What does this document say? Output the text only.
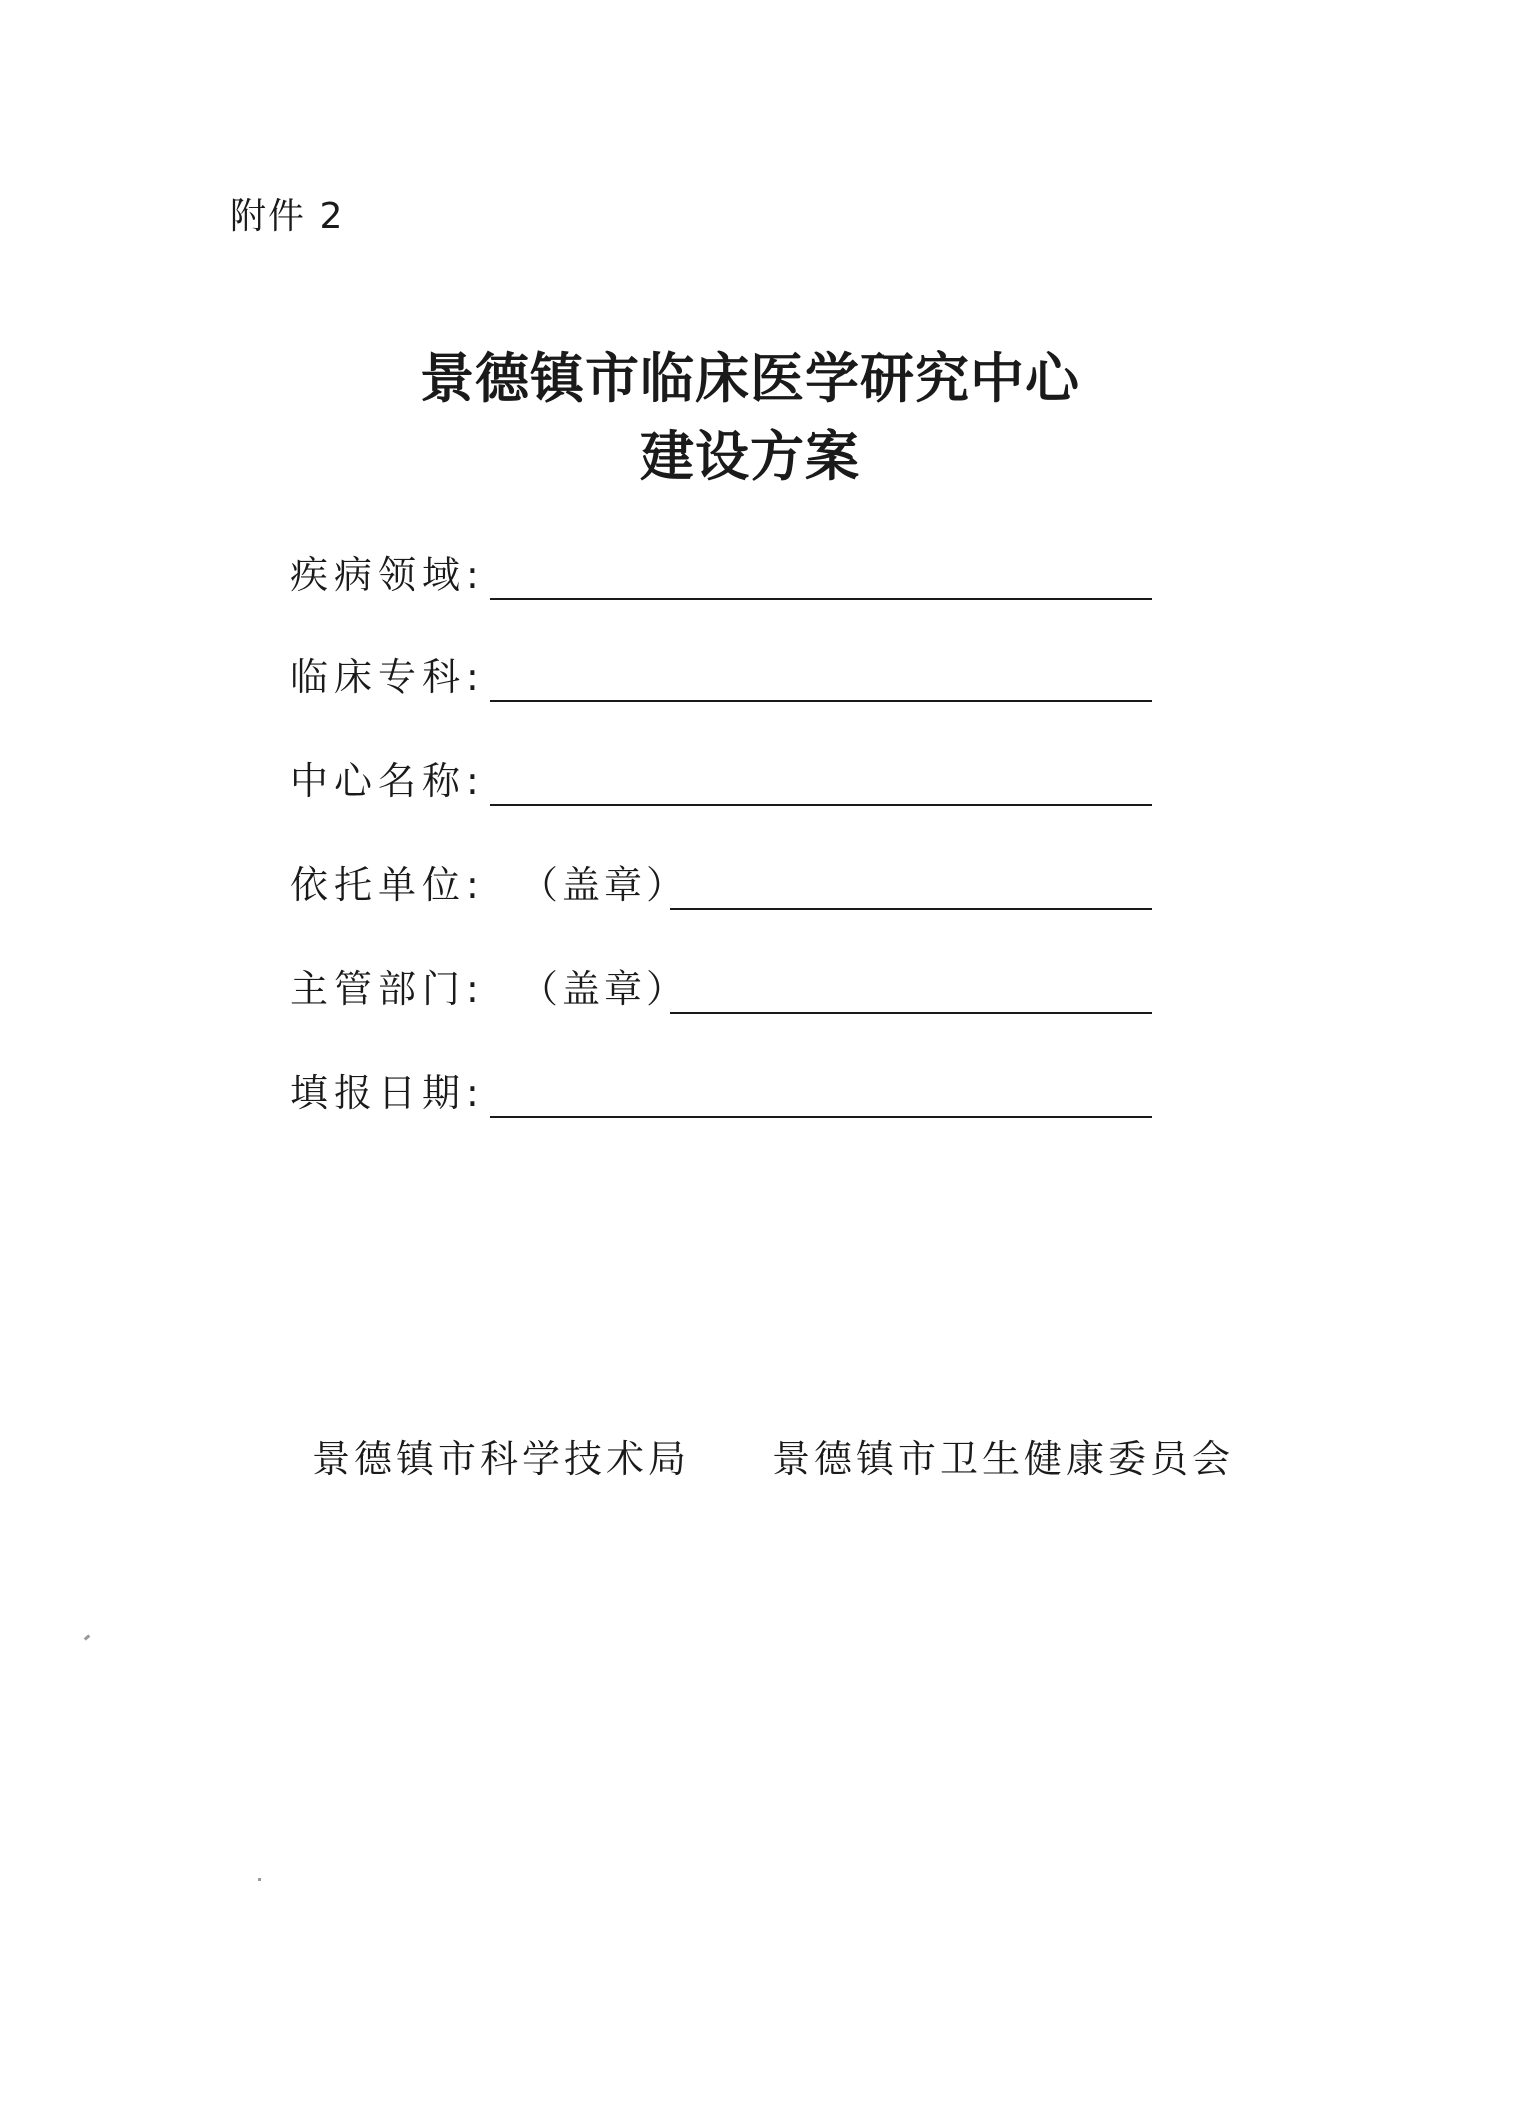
附件 2
景德镇市临床医学研究中心
建设方案
疾病领域:
临床专科:
中心名称:
依托单位: （盖章）
主管部门: （盖章）
填报日期:
景德镇市科学技术局 景德镇市卫生健康委员会
